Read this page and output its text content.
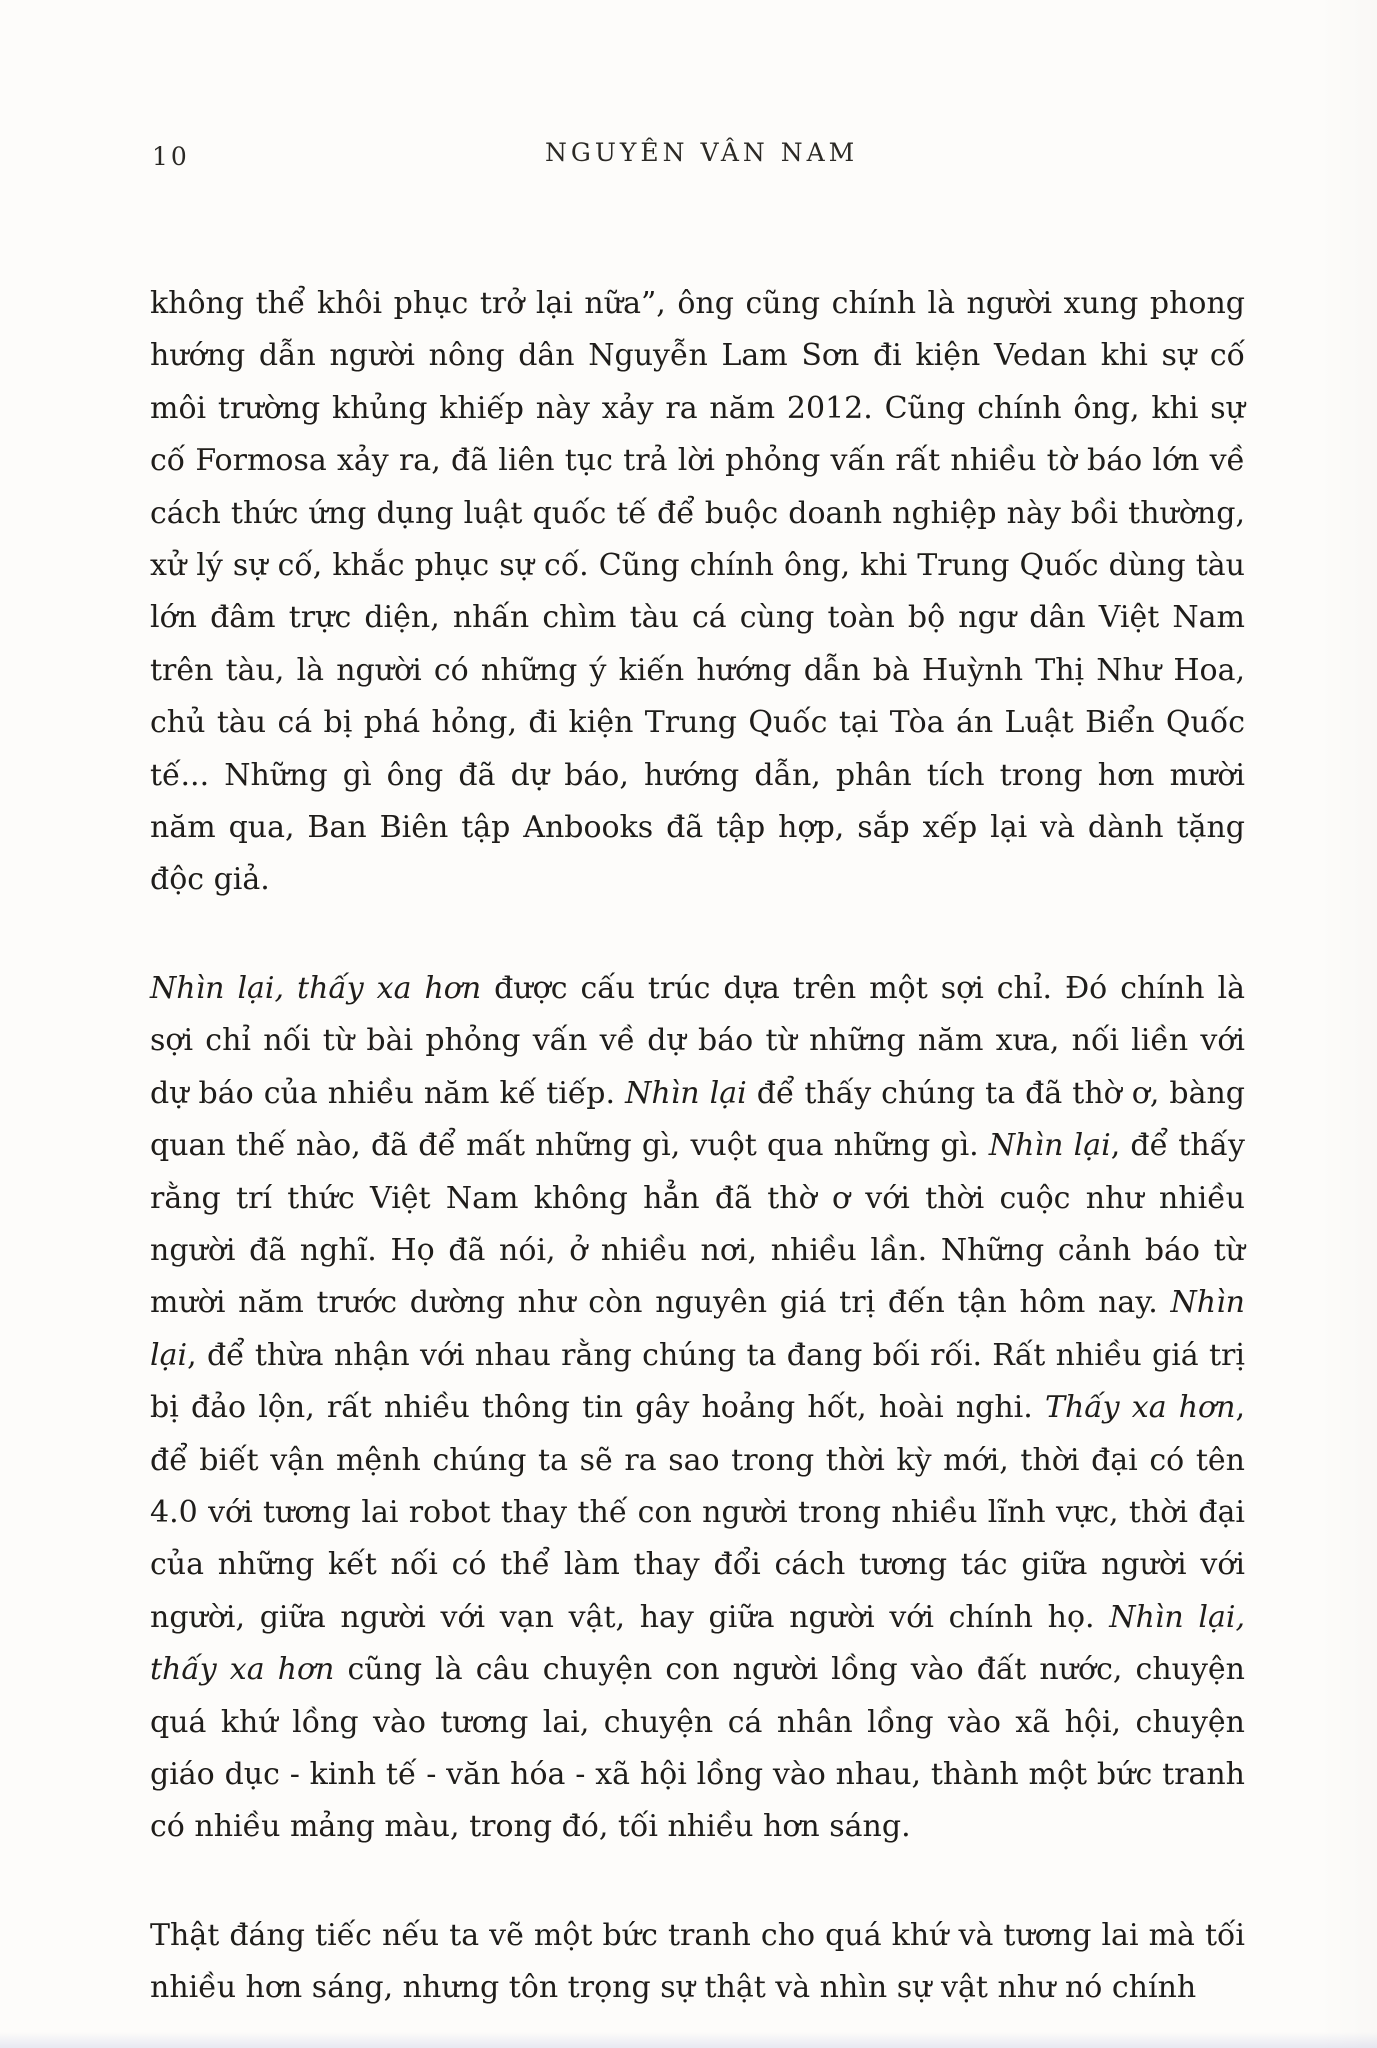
10	NGUYÊN VÂN NAM

không thể khôi phục trở lại nữa”, ông cũng chính là người xung phong hướng dẫn người nông dân Nguyễn Lam Sơn đi kiện Vedan khi sự cố môi trường khủng khiếp này xảy ra năm 2012. Cũng chính ông, khi sự cố Formosa xảy ra, đã liên tục trả lời phỏng vấn rất nhiều tờ báo lớn về cách thức ứng dụng luật quốc tế để buộc doanh nghiệp này bồi thường, xử lý sự cố, khắc phục sự cố. Cũng chính ông, khi Trung Quốc dùng tàu lớn đâm trực diện, nhấn chìm tàu cá cùng toàn bộ ngư dân Việt Nam trên tàu, là người có những ý kiến hướng dẫn bà Huỳnh Thị Như Hoa, chủ tàu cá bị phá hỏng, đi kiện Trung Quốc tại Tòa án Luật Biển Quốc tế... Những gì ông đã dự báo, hướng dẫn, phân tích trong hơn mười năm qua, Ban Biên tập Anbooks đã tập hợp, sắp xếp lại và dành tặng độc giả.

Nhìn lại, thấy xa hơn được cấu trúc dựa trên một sợi chỉ. Đó chính là sợi chỉ nối từ bài phỏng vấn về dự báo từ những năm xưa, nối liền với dự báo của nhiều năm kế tiếp. Nhìn lại để thấy chúng ta đã thờ ơ, bàng quan thế nào, đã để mất những gì, vuột qua những gì. Nhìn lại, để thấy rằng trí thức Việt Nam không hẳn đã thờ ơ với thời cuộc như nhiều người đã nghĩ. Họ đã nói, ở nhiều nơi, nhiều lần. Những cảnh báo từ mười năm trước dường như còn nguyên giá trị đến tận hôm nay. Nhìn lại, để thừa nhận với nhau rằng chúng ta đang bối rối. Rất nhiều giá trị bị đảo lộn, rất nhiều thông tin gây hoảng hốt, hoài nghi. Thấy xa hơn, để biết vận mệnh chúng ta sẽ ra sao trong thời kỳ mới, thời đại có tên 4.0 với tương lai robot thay thế con người trong nhiều lĩnh vực, thời đại của những kết nối có thể làm thay đổi cách tương tác giữa người với người, giữa người với vạn vật, hay giữa người với chính họ. Nhìn lại, thấy xa hơn cũng là câu chuyện con người lồng vào đất nước, chuyện quá khứ lồng vào tương lai, chuyện cá nhân lồng vào xã hội, chuyện giáo dục - kinh tế - văn hóa - xã hội lồng vào nhau, thành một bức tranh có nhiều mảng màu, trong đó, tối nhiều hơn sáng.

Thật đáng tiếc nếu ta vẽ một bức tranh cho quá khứ và tương lai mà tối nhiều hơn sáng, nhưng tôn trọng sự thật và nhìn sự vật như nó chính
